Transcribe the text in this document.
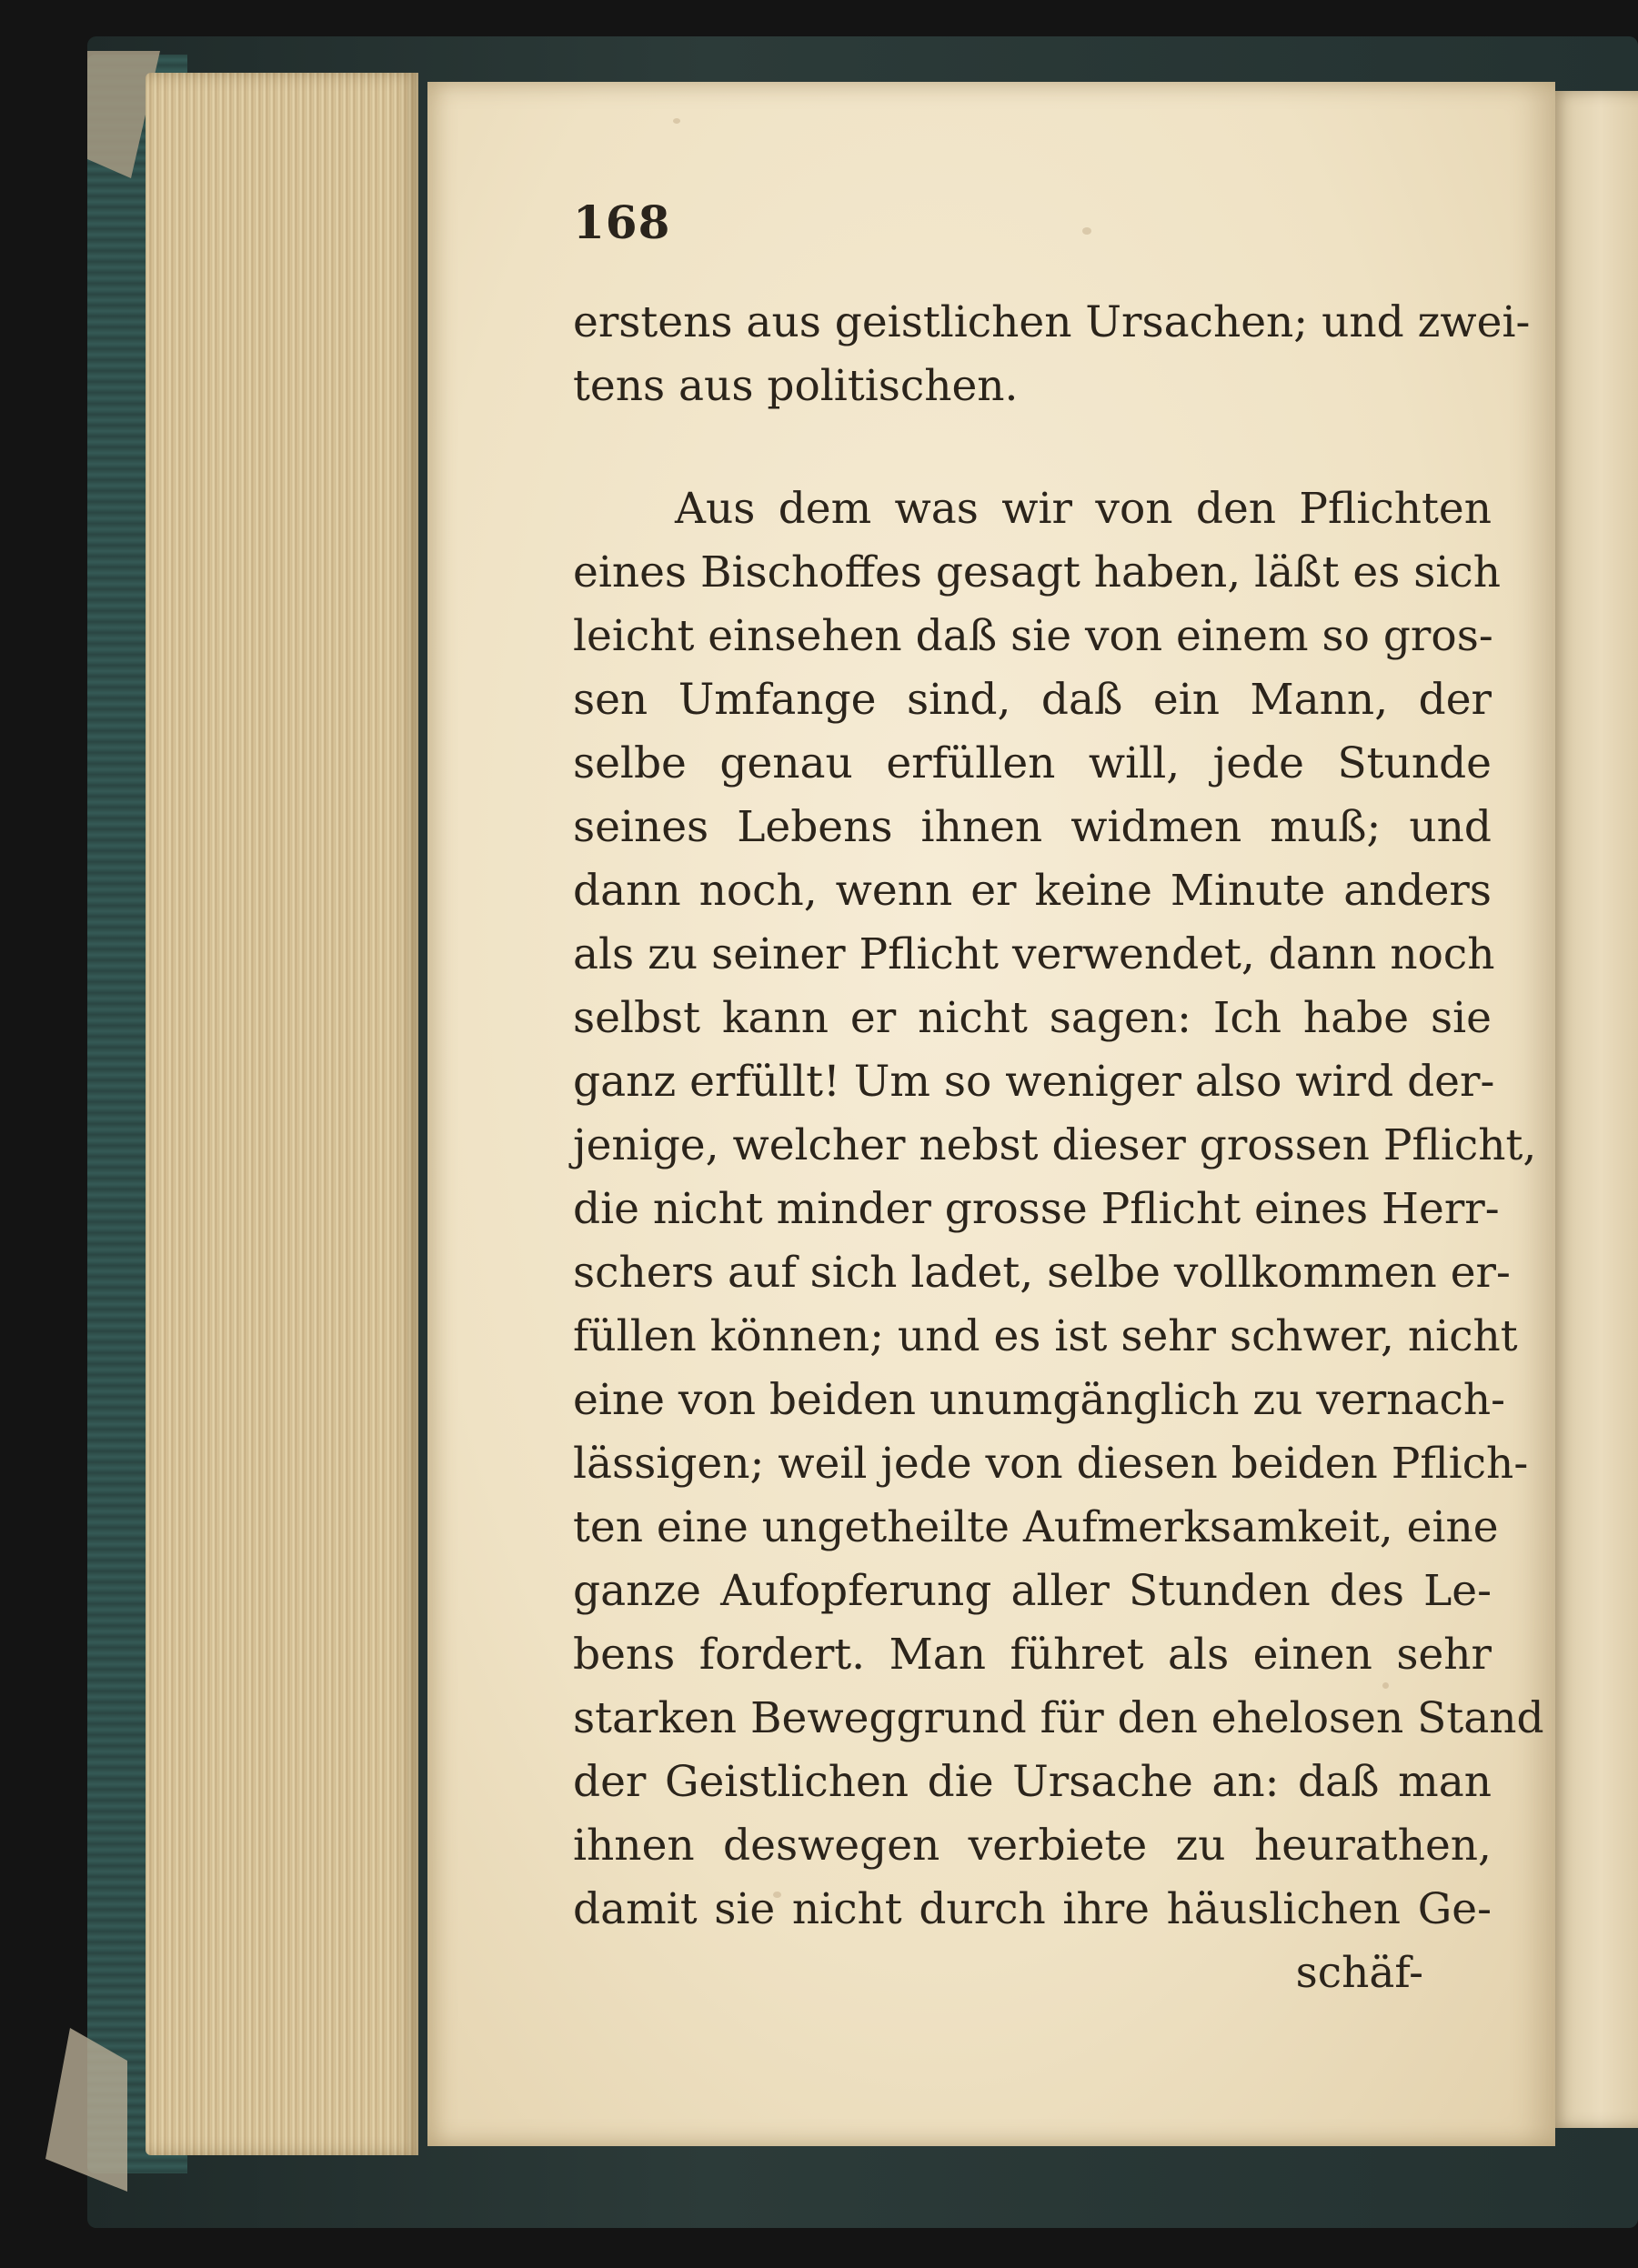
168
erstens aus geistlichen Ursachen; und zwei-
tens aus politischen.
Aus dem was wir von den Pflichten
eines Bischoffes gesagt haben, läßt es sich
leicht einsehen daß sie von einem so gros-
sen Umfange sind, daß ein Mann, der
selbe genau erfüllen will, jede Stunde
seines Lebens ihnen widmen muß; und
dann noch, wenn er keine Minute anders
als zu seiner Pflicht verwendet, dann noch
selbst kann er nicht sagen: Ich habe sie
ganz erfüllt! Um so weniger also wird der-
jenige, welcher nebst dieser grossen Pflicht,
die nicht minder grosse Pflicht eines Herr-
schers auf sich ladet, selbe vollkommen er-
füllen können; und es ist sehr schwer, nicht
eine von beiden unumgänglich zu vernach-
lässigen; weil jede von diesen beiden Pflich-
ten eine ungetheilte Aufmerksamkeit, eine
ganze Aufopferung aller Stunden des Le-
bens fordert. Man führet als einen sehr
starken Beweggrund für den ehelosen Stand
der Geistlichen die Ursache an: daß man
ihnen deswegen verbiete zu heurathen,
damit sie nicht durch ihre häuslichen Ge-
schäf-
